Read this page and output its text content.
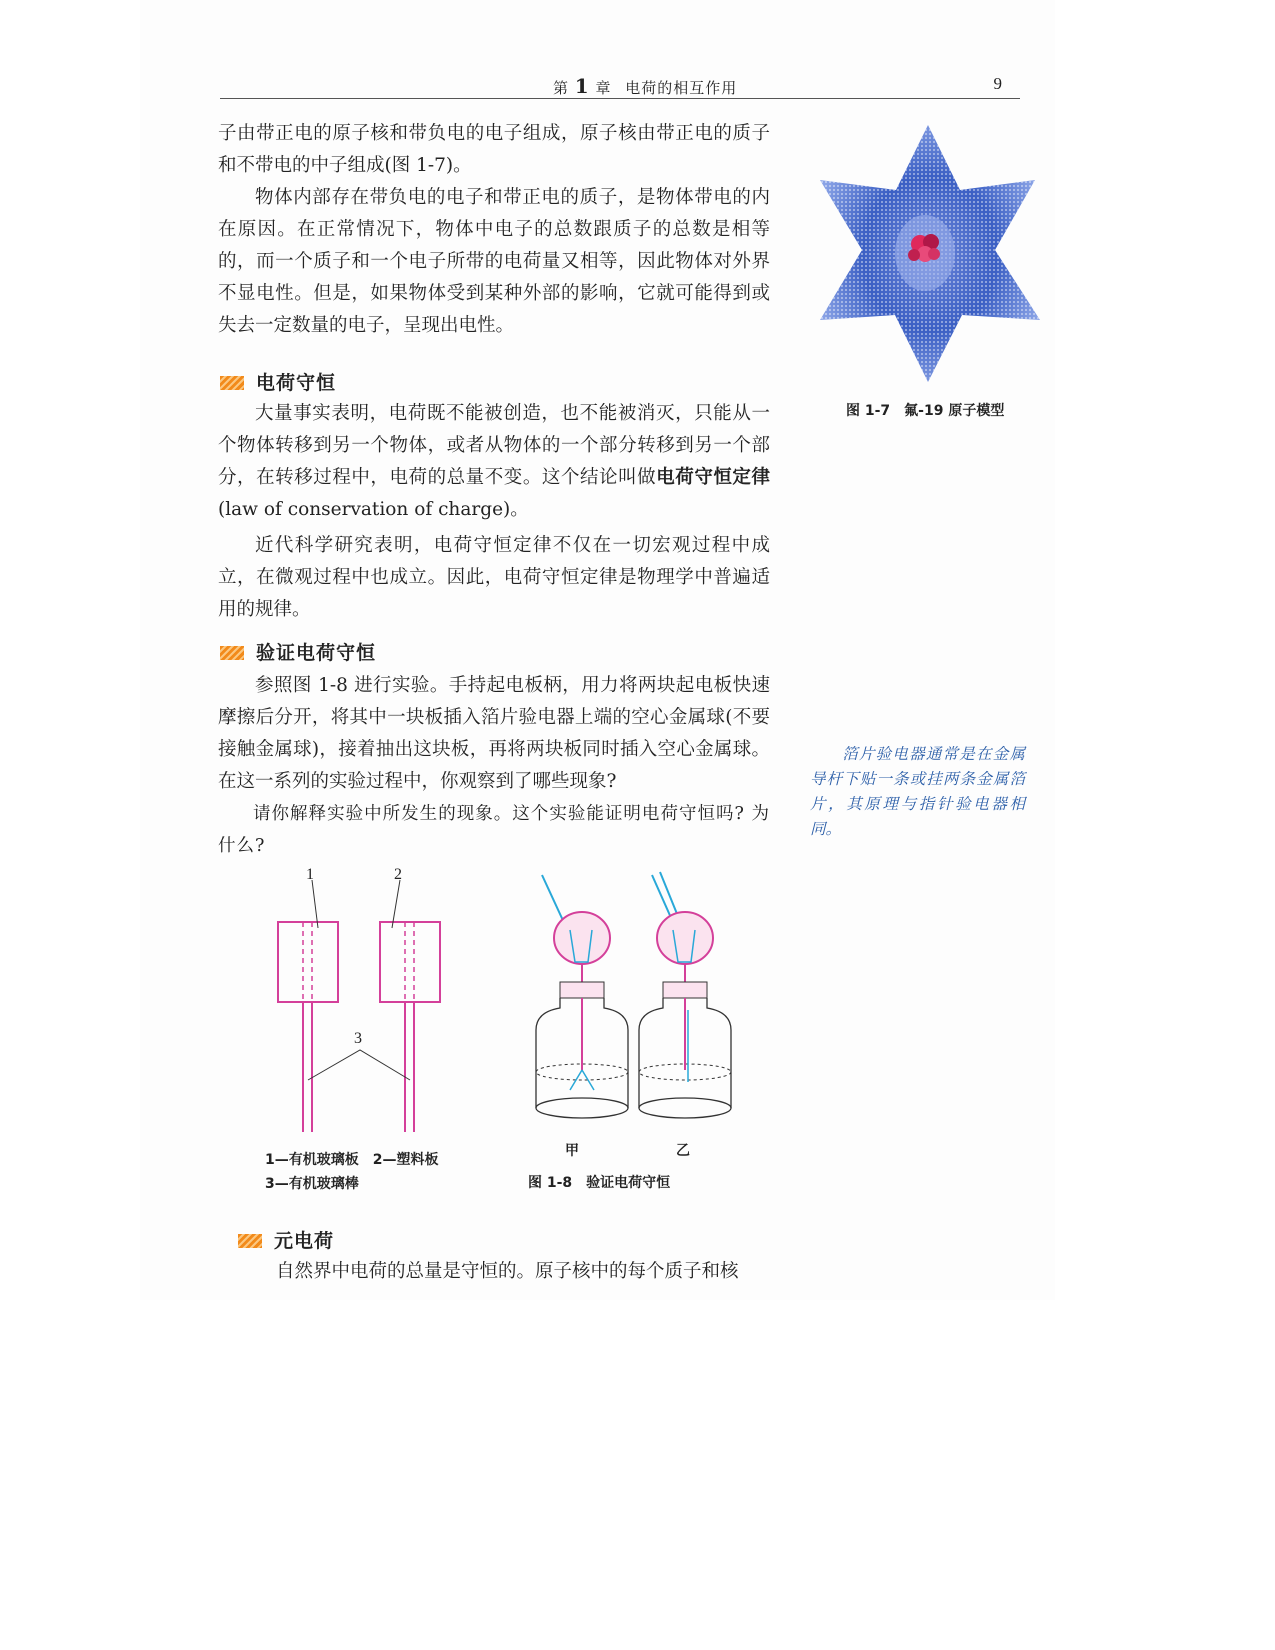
第 1 章 电荷的相互作用	9

子由带正电的原子核和带负电的电子组成，原子核由带正电的质子和不带电的中子组成(图 1-7)。

物体内部存在带负电的电子和带正电的质子，是物体带电的内在原因。在正常情况下，物体中电子的总数跟质子的总数是相等的，而一个质子和一个电子所带的电荷量又相等，因此物体对外界不显电性。但是，如果物体受到某种外部的影响，它就可能得到或失去一定数量的电子，呈现出电性。

电荷守恒

大量事实表明，电荷既不能被创造，也不能被消灭，只能从一个物体转移到另一个物体，或者从物体的一个部分转移到另一个部分，在转移过程中，电荷的总量不变。这个结论叫做电荷守恒定律(law of conservation of charge)。

近代科学研究表明，电荷守恒定律不仅在一切宏观过程中成立，在微观过程中也成立。因此，电荷守恒定律是物理学中普遍适用的规律。

验证电荷守恒

参照图 1-8 进行实验。手持起电板柄，用力将两块起电板快速摩擦后分开，将其中一块板插入箔片验电器上端的空心金属球(不要接触金属球)，接着抽出这块板，再将两块板同时插入空心金属球。在这一系列的实验过程中，你观察到了哪些现象?

请你解释实验中所发生的现象。这个实验能证明电荷守恒吗? 为什么?

图 1-7　氟-19 原子模型
箔片验电器通常是在金属导杆下贴一条或挂两条金属箔片，其原理与指针验电器相同。
1	2
3
1—有机玻璃板　2—塑料板
3—有机玻璃棒
甲	乙
图 1-8　验证电荷守恒
元电荷

自然界中电荷的总量是守恒的。原子核中的每个质子和核
